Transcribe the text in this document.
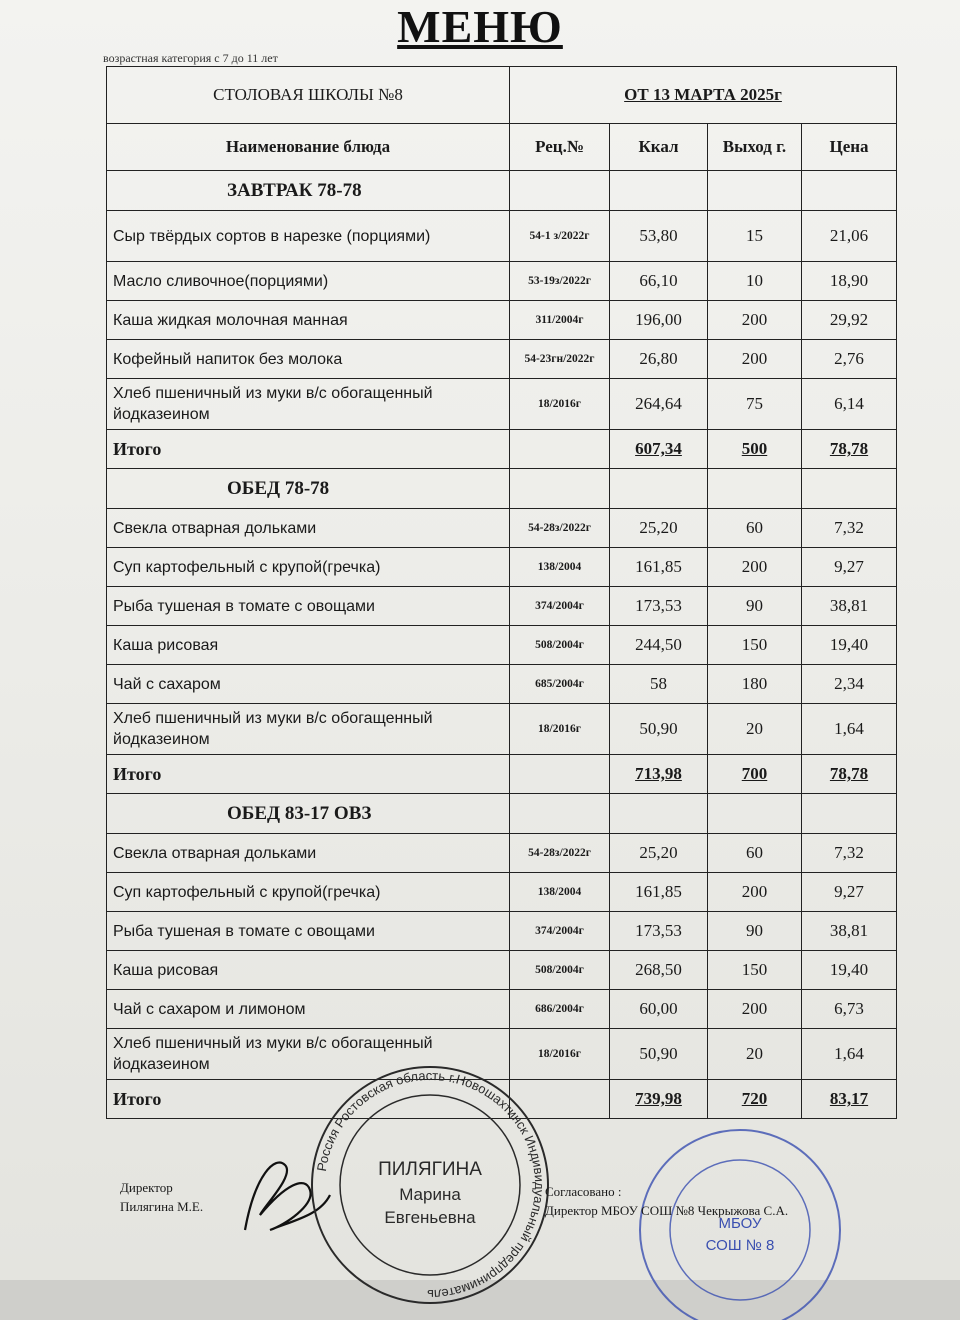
МЕНЮ
возрастная категория с 7 до 11 лет
СТОЛОВАЯ ШКОЛЫ №8	ОТ 13 МАРТА 2025г			
Наименование блюда	Рец.№	Ккал	Выход г.	Цена
ЗАВТРАК 78-78				
Сыр твёрдых сортов в нарезке (порциями)	54-1 з/2022г	53,80	15	21,06
Масло сливочное(порциями)	53-19з/2022г	66,10	10	18,90
Каша жидкая молочная манная	311/2004г	196,00	200	29,92
Кофейный напиток без молока	54-23гн/2022г	26,80	200	2,76
Хлеб пшеничный из муки в/с обогащенный йодказеином	18/2016г	264,64	75	6,14
Итого		607,34	500	78,78
ОБЕД 78-78				
Свекла отварная дольками	54-28з/2022г	25,20	60	7,32
Суп картофельный с крупой(гречка)	138/2004	161,85	200	9,27
Рыба тушеная в томате с овощами	374/2004г	173,53	90	38,81
Каша рисовая	508/2004г	244,50	150	19,40
Чай с сахаром	685/2004г	58	180	2,34
Хлеб пшеничный из муки в/с обогащенный йодказеином	18/2016г	50,90	20	1,64
Итого		713,98	700	78,78
ОБЕД 83-17 ОВЗ				
Свекла отварная дольками	54-28з/2022г	25,20	60	7,32
Суп картофельный с крупой(гречка)	138/2004	161,85	200	9,27
Рыба тушеная в томате с овощами	374/2004г	173,53	90	38,81
Каша рисовая	508/2004г	268,50	150	19,40
Чай с сахаром и лимоном	686/2004г	60,00	200	6,73
Хлеб пшеничный из муки в/с обогащенный йодказеином	18/2016г	50,90	20	1,64
Итого		739,98	720	83,17
Россия Ростовская область г.Новошахтинск Индивидуальный предприниматель
ПИЛЯГИНА
Марина
Евгеньевна	МБОУ
СОШ № 8
Директор
Пилягина М.Е.
Согласовано :
Директор МБОУ СОШ №8 Чекрыжова С.А.
